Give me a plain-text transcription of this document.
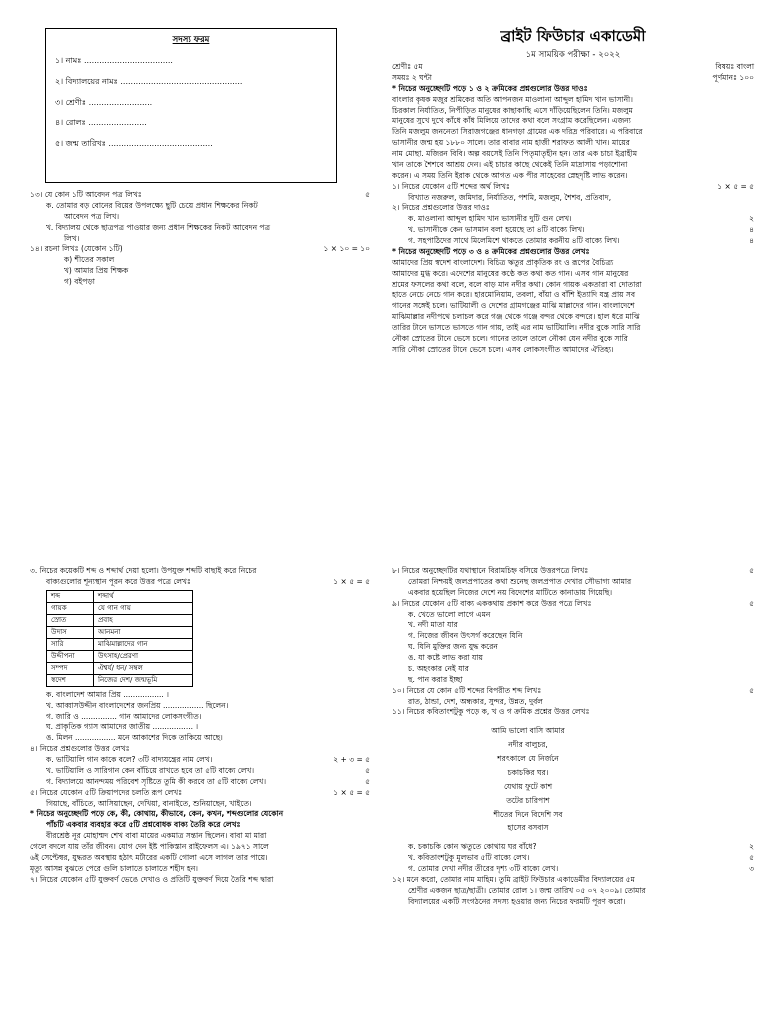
সদস্য ফরম
১। নামঃ ...................................
২। বিদ্যালয়ের নামঃ ................................................
৩। শ্রেণীঃ .........................
৪। রোলঃ .......................
৫। জন্ম তারিখঃ .........................................
ব্রাইট ফিউচার একাডেমী
১ম সাময়িক পরীক্ষা - ২০২২
১৩। যে কোন ১টি আবেদন পত্র লিখঃ	৫
ক. তোমার বড় বোনের বিয়ের উপলক্ষ্যে ছুটি চেয়ে প্রধান শিক্ষকের নিকট
আবেদন পত্র লিখ।
খ. বিদ্যালয় থেকে ছাত্রপত্র পাওয়ার জন্য প্রধান শিক্ষকের নিকট আবেদন পত্র
লিখ।
১৪। রচনা লিখঃ (যেকোন ১টি)	১ × ১০ = ১০
ক) শীতের সকাল
খ) আমার প্রিয় শিক্ষক
গ) বইপড়া
শ্রেণীঃ ৫ম	বিষয়ঃ বাংলা
সময়ঃ ২ ঘন্টা	পূর্ণমানঃ ১০০
* নিচের অনুচ্ছেদটি পড়ে ১ ও ২ ক্রমিকের প্রশ্নগুলোর উত্তর দাওঃ
বাংলার কৃষক মজুর শ্রমিকের অতি আপনজন মাওলানা আব্দুল হামিদ খান ভাসানী।
চিরকাল নির্যাতিত, নিপীড়িত মানুষের কাছাকাছি এসে দাঁড়িয়েছিলেন তিনি। মজলুম
মানুষের সুখে দুখে কাঁধে কাঁধ মিলিয়ে তাদের কথা বলে সংগ্রাম করেছিলেন। এজন্য
তিনি মজলুম জননেতা সিরাজগঞ্জের ধানগড়া গ্রামের এক দরিদ্র পরিবারে। এ পরিবারে
ভাসানীর জন্ম হয় ১৮৮০ সালে। তার বাবার নাম হাজী শরাফত আলী খান। মায়ের
নাম মোছা. মজিরন বিবি। অল্প বয়সেই তিনি পিতৃমাতৃহীন হন। তার এক চাচা ইব্রাহীম
খান তাকে শৈশবে আশ্রয় দেন। এই চাচার কাছে থেকেই তিনি মাদ্রাসায় পড়াশোনা
করেন। এ সময় তিনি ইরাক থেকে আগত এক পীর সাহেবের স্নেহদৃষ্টি লাভ করেন।
১। নিচের যেকোন ৫টি শব্দের অর্থ লিখঃ	১ × ৫ = ৫
বিখ্যাত নজরুল, জমিদার, নির্যাতিত, পশমি, মজলুম, শৈশব, প্রতিবাদ,
২। নিচের প্রশ্নগুলোর উত্তর দাওঃ
ক. মাওলানা আব্দুল হামিদ খান ভাসানীর দুটি গুন লেখ।	২
খ. ভাসানীকে কেন ভাসমান বলা হয়েছে তা ৪টি বাক্যে লিখ।	৪
গ. সহপাঠিদের সাথে মিলেমিশে থাকতে তোমার করনীয় ৪টি বাক্যে লিখ।	৪
* নিচের অনুচ্ছেদটি পড়ে ৩ ও ৪ ক্রমিকের প্রশ্নগুলোর উত্তর লেখঃ
আমাদের প্রিয় স্বদেশ বাংলাদেশ। বিচিত্র ঋতুর প্রাকৃতিক রং ও রূপের বৈচিত্র্য
আমাদের মুগ্ধ করে। এদেশের মানুষের কণ্ঠে কত কথা কত গান। এসব গান মানুষের
শ্রমের ফসলের কথা বলে, বলে বাড় মান নদীর কথা। কোন গায়ক একতারা বা দোতারা
হাতে নেচে নেচে গান করে। হারমোনিয়াম, তবলা, বাঁয়া ও বাঁশি ইত্যাদি যন্ত্র প্রায় সব
গানের সঙ্গেই চলে। ভাটিয়ালী ও দেশের গ্রামগঞ্জের মাঝি মাল্লাদের গান। বাংলাদেশে
মাঝিমাল্লার নদীপথে চলাচল করে গঞ্জ থেকে গঞ্জে বন্দর থেকে বন্দরে। হাল ধরে মাঝি
তারির টানে ভাসতে ভাসতে গান গায়, তাই এর নাম ভাটিয়ালি। নদীর বুকে সারি সারি
নৌকা স্রোতের টানে ভেসে চলে। গানের তালে তালে নৌকা যেন নদীর বুকে সারি
সারি নৌকা স্রোতের টানে ভেসে চলে। এসব লোকসংগীত আমাদের ঐতিহ্য।
৩. নিচের কয়েকটি শব্দ ও শব্দার্থ দেয়া হলো। উপযুক্ত শব্দটি বাছাই করে নিচের
বাক্যগুলোর শূন্যস্থান পূরন করে উত্তর পত্রে লেখঃ	১ × ৫ = ৫
শব্দ	শব্দার্থ
গায়ক	যে গান গায়
স্রোত	প্রবাহ
উদাস	আনমনা
সারি	মাঝিমাল্লাদের গান
উদ্দীপনা	উৎসাহ/প্রেরণা
সম্পদ	ঐশ্বর্য/ ধন/ সম্বল
স্বদেশ	নিজের দেশ/ জন্মভূমি
ক. বাংলাদেশ আমার প্রিয় ................. ।
খ. আব্বাসউদ্দীন বাংলাদেশের জনপ্রিয় ................. ছিলেন।
গ. জারি ও ............... গান আমাদের লোকসংগীত।
ঘ. প্রাকৃতিক গ্যাস আমাদের জাতীয় ................. ।
ঙ. মিলন ................. মনে আকাশের দিকে তাকিয়ে আছে।
৪। নিচের প্রশ্নগুলোর উত্তর লেখঃ
ক. ভাটিয়ালি গান কাকে বলে? ৩টি বাদ্যযন্ত্রের নাম লেখ।	২ + ৩ = ৫
খ. ভাটিয়ালি ও সারিগান কেন বাঁচিয়ে রাখতে হবে তা ৫টি বাক্যে লেখ।	৫
গ. বিদ্যালয়ে আনন্দময় পরিবেশ সৃষ্টিতে তুমি কী করবে তা ৫টি বাক্যে লেখ।	৫
৫। নিচের যেকোন ৫টি ক্রিয়াপদের চলতি রূপ লেখঃ	১ × ৫ = ৫
গিয়াছে, বাঁচিতে, আসিয়াছেন, দেখিয়া, বানাইতে, শুনিয়াছেন, খাইতে।
* নিচের অনুচ্ছেদটি পড়ে কে, কী, কোথায়, কীভাবে, কেন, কখন, শব্দগুলোর যেকোন
পাঁচটি একবার ব্যবহার করে ৫টি প্রশ্নবোধক বাক্য তৈরি করে লেখঃ
বীরশ্রেষ্ঠ নূর মোহাম্মদ শেখ বাবা মায়ের একমাত্র সন্তান ছিলেন। বাবা মা মারা
গেলে বদলে যায় তাঁর জীবন। যোগ দেন ইষ্ট পাকিস্তান রাইফেলস এ। ১৯৭১ সালে
৬ই সেপ্টেম্বর, যুদ্ধরত অবস্থায় হঠাৎ মর্টারের একটি গোলা এসে লাগল তার পায়ে।
মৃত্যু আসন্ন বুঝতে পেরে গুলি চালাতে চালাতে শহীদ হন।
৭। নিচের যেকোন ৫টি যুক্তবর্ণ ভেঙে দেখাও ও প্রতিটি যুক্তবর্ণ দিয়ে তৈরি শব্দ দ্বারা
৮। নিচের অনুচ্ছেদটির যথাস্থানে বিরামচিহ্ন বসিয়ে উত্তরপত্রে লিখঃ	৫
তোমরা নিশ্চয়ই জলপ্রপাতের কথা শুনেছ জলপ্রপাত দেখার সৌভাগ্য আমার
একবার হয়েছিল নিজের দেশে নয় বিদেশের মাটিতে কানাডায় গিয়েছি।
৯। নিচের যেকোন ৫টি বাক্য এককথায় প্রকাশ করে উত্তর পত্রে লিখঃ	৫
ক. খেতে ভালো লাগে এমন
খ. নদী মাতা যার
গ. নিজের জীবন উৎসর্গ করেছেন যিনি
ঘ. যিনি মুক্তির জন্য যুদ্ধ করেন
ঙ. যা কষ্টে লাভ করা যায়
চ. অহংকার নেই যার
ছ. পান করার ইচ্ছা
১০। নিচের যে কোন ৫টি শব্দের বিপরীত শব্দ লিখঃ	৫
রাত, ঠান্ডা, দেশ, অন্ধকার, সুন্দর, উন্নত, দুর্বল
১১। নিচের কবিতাংশটুকু পড়ে ক, খ ও গ ক্রমিক প্রশ্নের উত্তর লেখঃ
আমি ভালো বাসি আমার
নদীর বালুচর,
শরৎকালে যে নির্জনে
চকাচকির ঘর।
যেথায় ফুটে কাশ
তটের চারিপাশ
শীতের দিনে বিদেশি সব
হাসের বসবাস
ক. চকাচকি কোন ঋতুতে কোথায় ঘর বাঁধে?	২
খ. কবিতাংশটুকু মূলভাব ৫টি বাক্যে লেখ।	৫
গ. তোমার দেখা নদীর তীরের দৃশ্য ৩টি বাক্যে লেখ।	৩
১২। মনে করো, তোমার নাম মাহিম। তুমি ব্রাইট ফিউচার একাডেমীর বিদ্যালয়ের ৫ম
শ্রেণীর একজন ছাত্র/ছাত্রী। তোমার রোল ১। জন্ম তারিখ ০৫ ০৭ ২০০৯। তোমার
বিদ্যালয়ের একটি সংগঠনের সদস্য হওয়ার জন্য নিচের ফরমটি পূরণ করো।
